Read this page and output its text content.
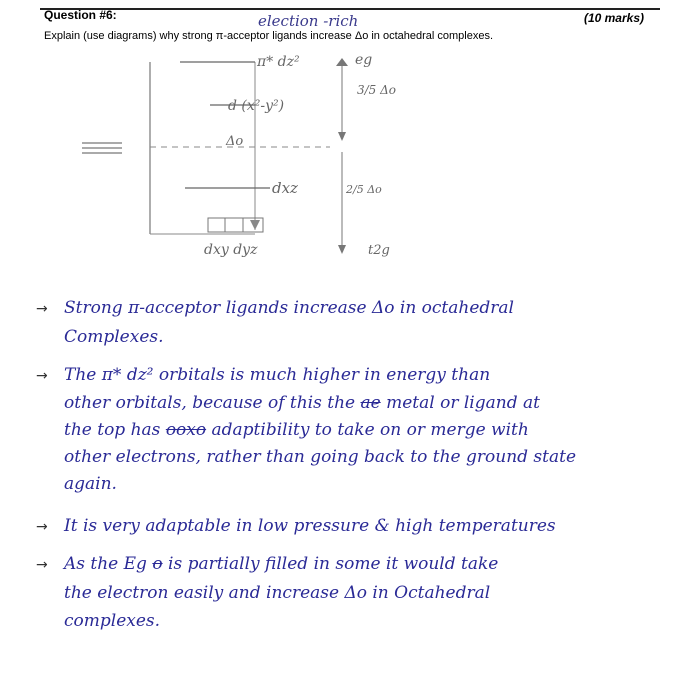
Question #6:	(10 marks)
Explain (use diagrams) why strong π-acceptor ligands increase Δo in octahedral complexes.
election -rich
π* dz²
d (x²-y²)
Δo
dxz
dxy dyz
eg
3/5 Δo
2/5 Δo
t2g
→ Strong π-acceptor ligands increase Δo in octahedral
Complexes.
→ The π* dz² orbitals is much higher in energy than
other orbitals, because of this the ae metal or ligand at
the top has ooxo adaptibility to take on or merge with
other electrons, rather than going back to the ground state
again.
→ It is very adaptable in low pressure & high temperatures
→ As the Eg o is partially filled in some it would take
the electron easily and increase Δo in Octahedral
complexes.
